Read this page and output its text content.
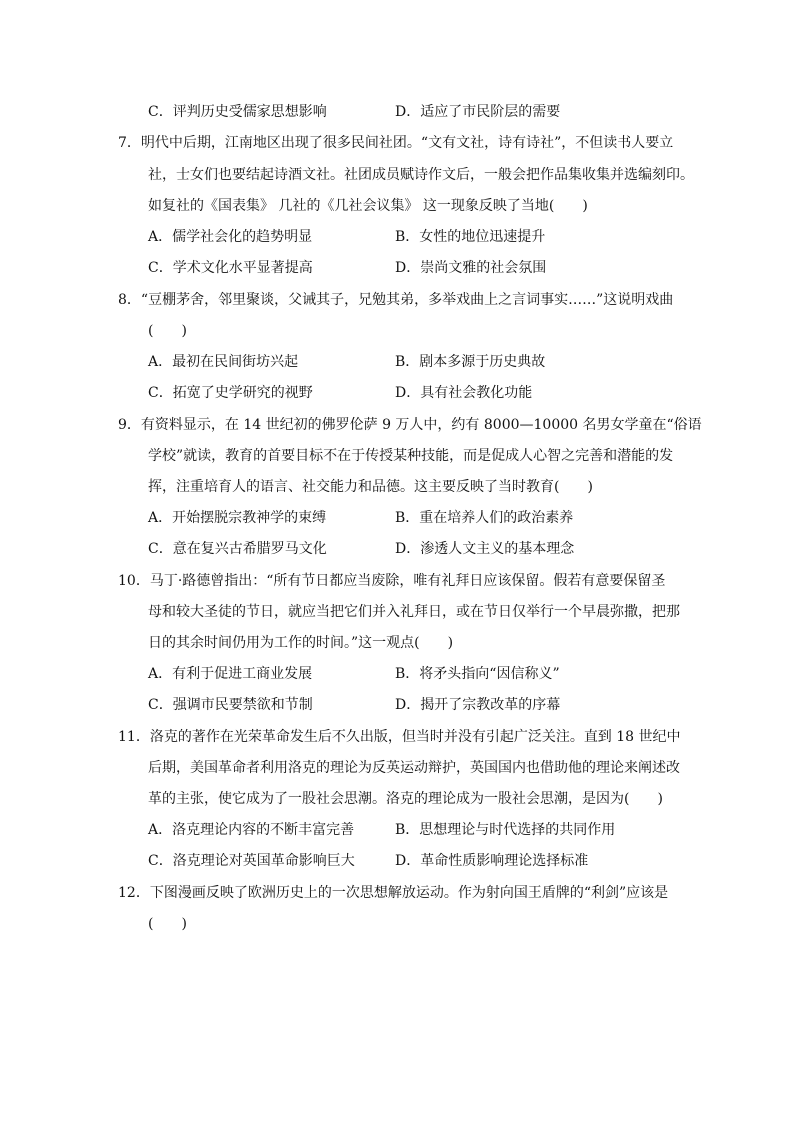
C．评判历史受儒家思想影响	D．适应了市民阶层的需要
7．明代中后期，江南地区出现了很多民间社团。“文有文社，诗有诗社”，不但读书人要立
社，士女们也要结起诗酒文社。社团成员赋诗作文后，一般会把作品集收集并选编刻印。
如复社的《国表集》 几社的《几社会议集》 这一现象反映了当地(　　)
A．儒学社会化的趋势明显	B．女性的地位迅速提升
C．学术文化水平显著提高	D．崇尚文雅的社会氛围
8．“豆棚茅舍，邻里聚谈，父诫其子，兄勉其弟，多举戏曲上之言词事实……”这说明戏曲
(　　)
A．最初在民间街坊兴起	B．剧本多源于历史典故
C．拓宽了史学研究的视野	D．具有社会教化功能
9．有资料显示，在 14 世纪初的佛罗伦萨 9 万人中，约有 8000—10000 名男女学童在“俗语
学校”就读，教育的首要目标不在于传授某种技能，而是促成人心智之完善和潜能的发
挥，注重培育人的语言、社交能力和品德。这主要反映了当时教育(　　)
A．开始摆脱宗教神学的束缚	B．重在培养人们的政治素养
C．意在复兴古希腊罗马文化	D．渗透人文主义的基本理念
10．马丁·路德曾指出：“所有节日都应当废除，唯有礼拜日应该保留。假若有意要保留圣
母和较大圣徒的节日，就应当把它们并入礼拜日，或在节日仅举行一个早晨弥撒，把那
日的其余时间仍用为工作的时间。”这一观点(　　)
A．有利于促进工商业发展	B．将矛头指向“因信称义”
C．强调市民要禁欲和节制	D．揭开了宗教改革的序幕
11．洛克的著作在光荣革命发生后不久出版，但当时并没有引起广泛关注。直到 18 世纪中
后期，美国革命者利用洛克的理论为反英运动辩护，英国国内也借助他的理论来阐述改
革的主张，使它成为了一股社会思潮。洛克的理论成为一股社会思潮，是因为(　　)
A．洛克理论内容的不断丰富完善	B．思想理论与时代选择的共同作用
C．洛克理论对英国革命影响巨大	D．革命性质影响理论选择标准
12．下图漫画反映了欧洲历史上的一次思想解放运动。作为射向国王盾牌的“利剑”应该是
(　　)
